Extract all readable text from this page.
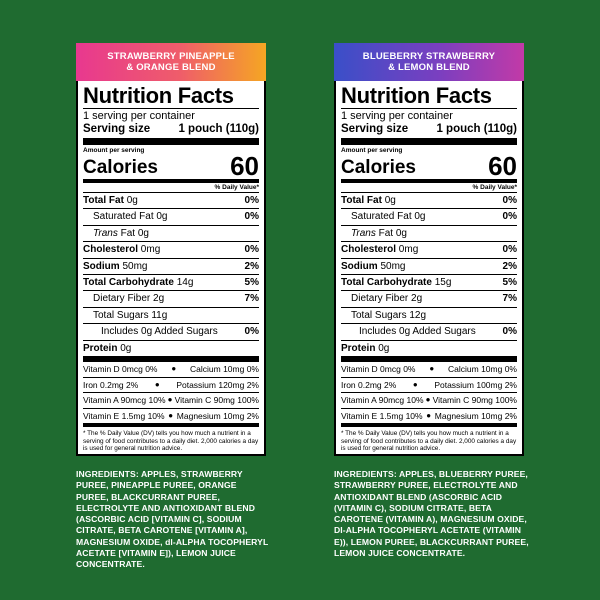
STRAWBERRY PINEAPPLE
& ORANGE BLEND
Nutrition Facts
1 serving per container
Serving size 1 pouch (110g)
Amount per serving
Calories	60
% Daily Value*
Total Fat 0g	0%
Saturated Fat 0g	0%
Trans Fat 0g
Cholesterol 0mg	0%
Sodium 50mg	2%
Total Carbohydrate 14g	5%
Dietary Fiber 2g	7%
Total Sugars 11g
Includes 0g Added Sugars	0%
Protein 0g
Vitamin D 0mcg 0% ● Calcium 10mg 0%
Iron 0.2mg 2% ● Potassium 120mg 2%
Vitamin A 90mcg 10% ● Vitamin C 90mg 100%
Vitamin E 1.5mg 10% ● Magnesium 10mg 2%
* The % Daily Value (DV) tells you how much a nutrient in a serving of food contributes to a daily diet. 2,000 calories a day is used for general nutrition advice.
BLUEBERRY STRAWBERRY
& LEMON BLEND
Nutrition Facts
1 serving per container
Serving size 1 pouch (110g)
Amount per serving
Calories	60
% Daily Value*
Total Fat 0g	0%
Saturated Fat 0g	0%
Trans Fat 0g
Cholesterol 0mg	0%
Sodium 50mg	2%
Total Carbohydrate 15g	5%
Dietary Fiber 2g	7%
Total Sugars 12g
Includes 0g Added Sugars	0%
Protein 0g
Vitamin D 0mcg 0% ● Calcium 10mg 0%
Iron 0.2mg 2% ● Potassium 100mg 2%
Vitamin A 90mcg 10% ● Vitamin C 90mg 100%
Vitamin E 1.5mg 10% ● Magnesium 10mg 2%
* The % Daily Value (DV) tells you how much a nutrient in a serving of food contributes to a daily diet. 2,000 calories a day is used for general nutrition advice.
INGREDIENTS: APPLES, STRAWBERRY PUREE, PINEAPPLE PUREE, ORANGE PUREE, BLACKCURRANT PUREE, ELECTROLYTE AND ANTIOXIDANT BLEND (ASCORBIC ACID [VITAMIN C], SODIUM CITRATE, BETA CAROTENE [VITAMIN A], MAGNESIUM OXIDE, dl-ALPHA TOCOPHERYL ACETATE [VITAMIN E]), LEMON JUICE CONCENTRATE.
INGREDIENTS: APPLES, BLUEBERRY PUREE, STRAWBERRY PUREE, ELECTROLYTE AND ANTIOXIDANT BLEND (ASCORBIC ACID (VITAMIN C), SODIUM CITRATE, BETA CAROTENE (VITAMIN A), MAGNESIUM OXIDE, DI-ALPHA TOCOPHERYL ACETATE (VITAMIN E)), LEMON PUREE, BLACKCURRANT PUREE, LEMON JUICE CONCENTRATE.
